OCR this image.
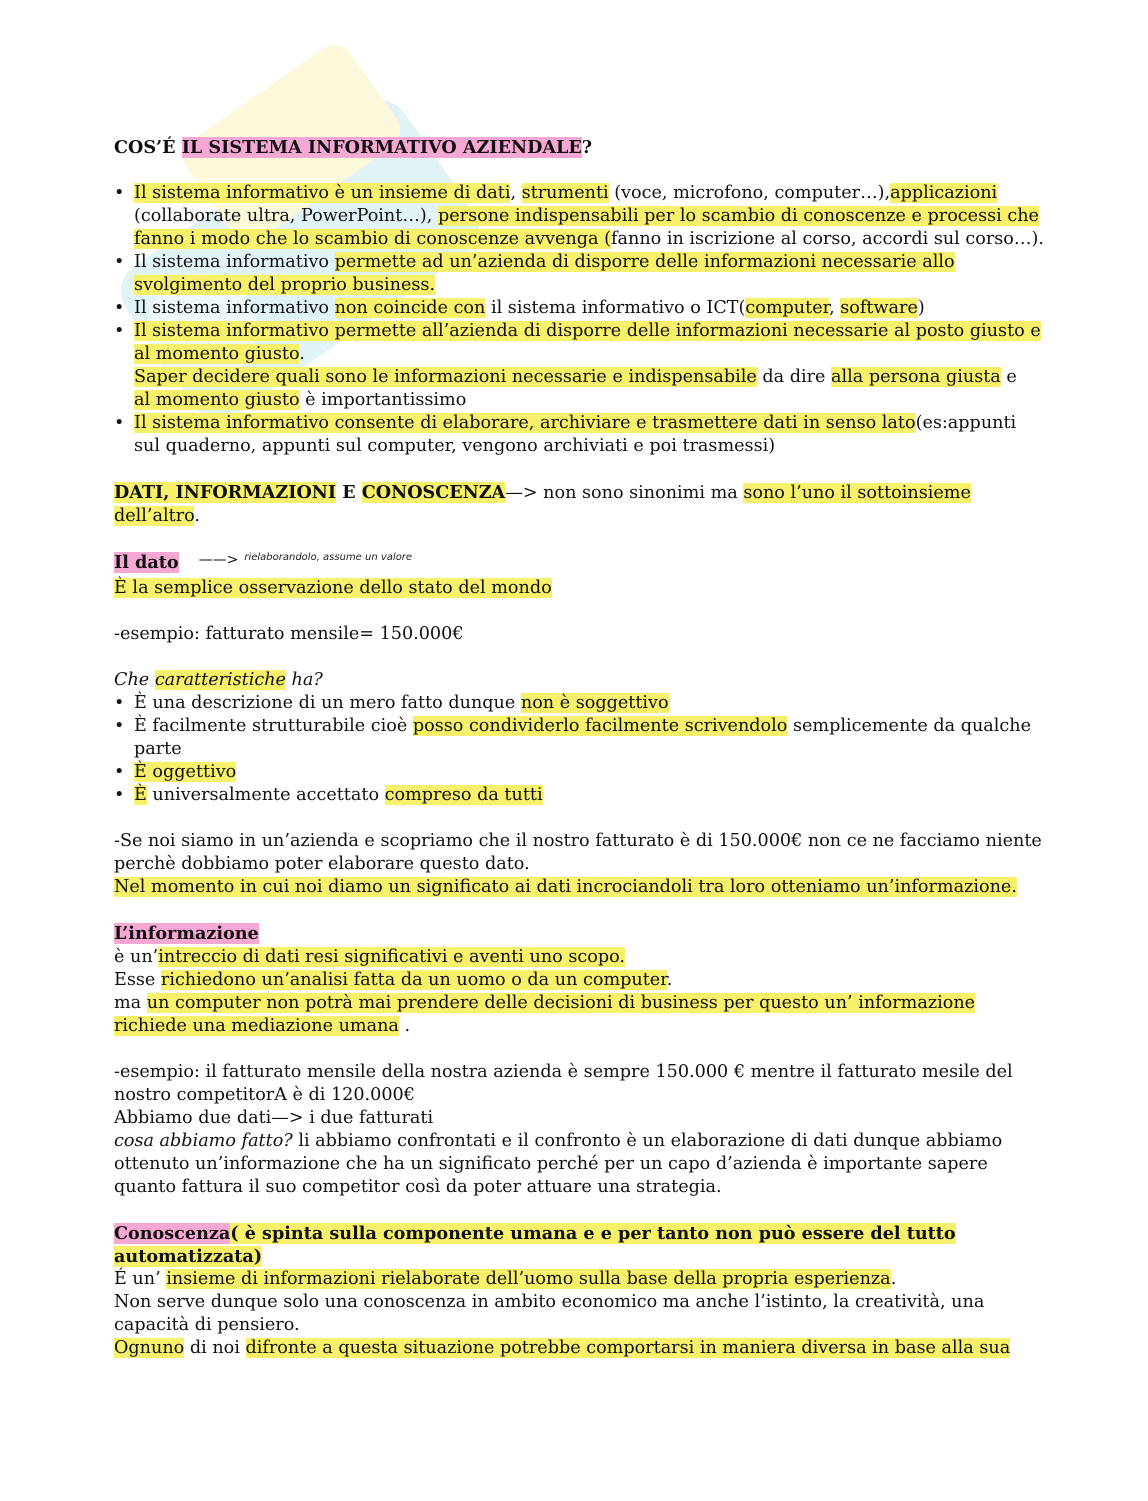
COS’É IL SISTEMA INFORMATIVO AZIENDALE?

• Il sistema informativo è un insieme di dati, strumenti (voce, microfono, computer…),applicazioni (collaborate ultra, PowerPoint…), persone indispensabili per lo scambio di conoscenze e processi che fanno i modo che lo scambio di conoscenze avvenga (fanno in iscrizione al corso, accordi sul corso…).
• Il sistema informativo permette ad un’azienda di disporre delle informazioni necessarie allo svolgimento del proprio business.
• Il sistema informativo non coincide con il sistema informativo o ICT(computer, software)
• Il sistema informativo permette all’azienda di disporre delle informazioni necessarie al posto giusto e al momento giusto.
Saper decidere quali sono le informazioni necessarie e indispensabile da dire alla persona giusta e
al momento giusto è importantissimo
• Il sistema informativo consente di elaborare, archiviare e trasmettere dati in senso lato(es:appunti sul quaderno, appunti sul computer, vengono archiviati e poi trasmessi)

DATI, INFORMAZIONI E CONOSCENZA—> non sono sinonimi ma sono l’uno il sottoinsieme dell’altro.

Il dato ——> $^{rielaborandolo, assume un valore}$

È la semplice osservazione dello stato del mondo

-esempio: fatturato mensile= 150.000€

Che caratteristiche ha?

• È una descrizione di un mero fatto dunque non è soggettivo
• È facilmente strutturabile cioè posso condividerlo facilmente scrivendolo semplicemente da qualche parte
• È oggettivo
• È universalmente accettato compreso da tutti

-Se noi siamo in un’azienda e scopriamo che il nostro fatturato è di 150.000€ non ce ne facciamo niente perchè dobbiamo poter elaborare questo dato.

Nel momento in cui noi diamo un significato ai dati incrociandoli tra loro otteniamo un’informazione.

L’informazione

è un’intreccio di dati resi significativi e aventi uno scopo.

Esse richiedono un’analisi fatta da un uomo o da un computer.

ma un computer non potrà mai prendere delle decisioni di business per questo un’ informazione richiede una mediazione umana .

-esempio: il fatturato mensile della nostra azienda è sempre 150.000 € mentre il fatturato mesile del nostro competitorA è di 120.000€

Abbiamo due dati—> i due fatturati

cosa abbiamo fatto? li abbiamo confrontati e il confronto è un elaborazione di dati dunque abbiamo ottenuto un’informazione che ha un significato perché per un capo d’azienda è importante sapere quanto fattura il suo competitor così da poter attuare una strategia.

Conoscenza( è spinta sulla componente umana e e per tanto non può essere del tutto automatizzata)

É un’ insieme di informazioni rielaborate dell’uomo sulla base della propria esperienza.

Non serve dunque solo una conoscenza in ambito economico ma anche l’istinto, la creatività, una capacità di pensiero.

Ognuno di noi difronte a questa situazione potrebbe comportarsi in maniera diversa in base alla sua
